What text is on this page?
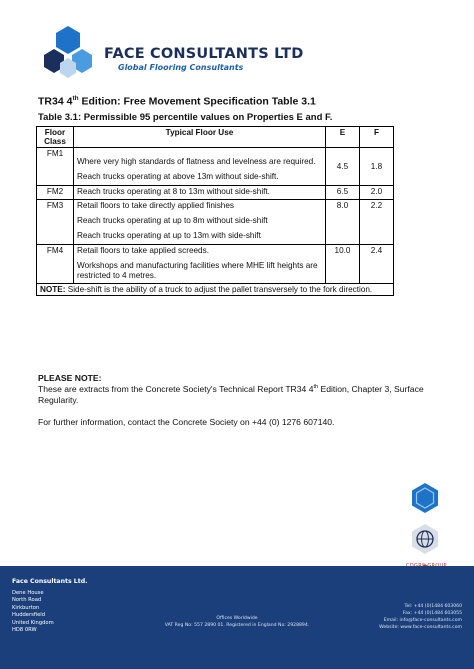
FACE CONSULTANTS LTD
Global Flooring Consultants
TR34 4th Edition: Free Movement Specification Table 3.1
Table 3.1: Permissible 95 percentile values on Properties E and F.
Floor Class	Typical Floor Use	E	F
FM1	Where very high standards of flatness and levelness are required.

Reach trucks operating at above 13m without side-shift.	4.5	1.8
FM2	Reach trucks operating at 8 to 13m without side-shift.	6.5	2.0
FM3	Retail floors to take directly applied finishes

Reach trucks operating at up to 8m without side-shift

Reach trucks operating at up to 13m with side-shift	8.0	2.2
FM4	Retail floors to take applied screeds.

Workshops and manufacturing facilities where MHE lift heights are restricted to 4 metres.	10.0	2.4
NOTE: Side-shift is the ability of a truck to adjust the pallet transversely to the fork direction.			
PLEASE NOTE:

These are extracts from the Concrete Society's Technical Report TR34 4th Edition, Chapter 3, Surface Regularity.

For further information, contact the Concrete Society on +44 (0) 1276 607140.

Face Consultants Ltd.
Dene House
North Road
Kirkburton
Huddersfield
United Kingdom
HD8 0RW
Offices Worldwide
VAT Reg No: 557 2890 01. Registered in England No: 2928894.
Tel: +44 (0)1484 603060
Fax: +44 (0)1484 603055
Email: info@face-consultants.com
Website: www.face-consultants.com
